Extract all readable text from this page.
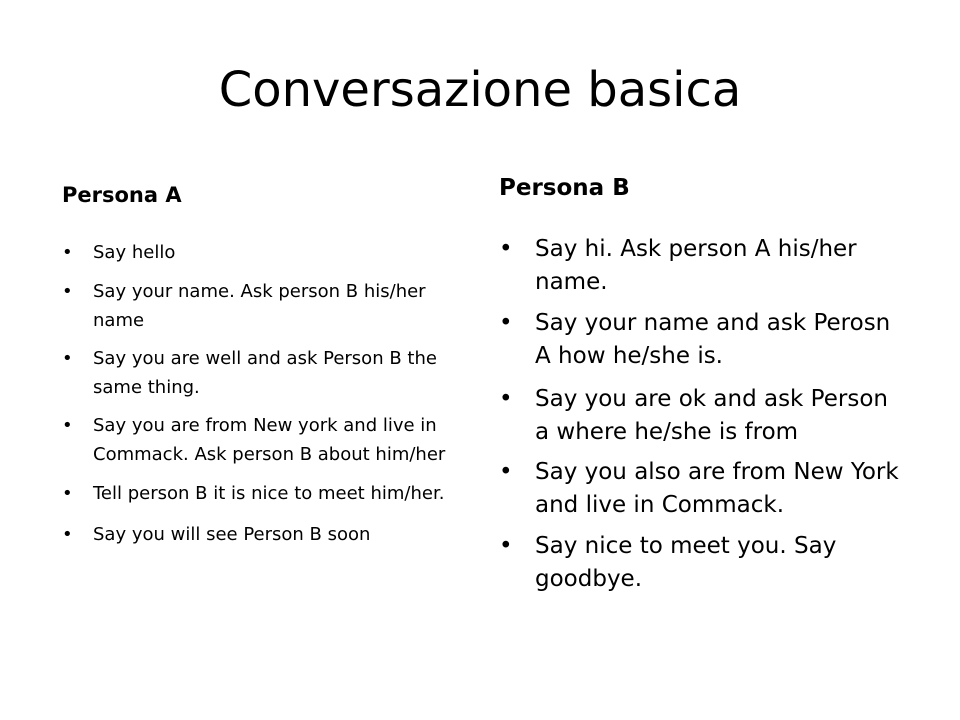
Conversazione basica
Persona A
• Say hello
• Say your name. Ask person B his/her name
• Say you are well and ask Person B the same thing.
• Say you are from New york and live in Commack. Ask person B about him/her
• Tell person B it is nice to meet him/her.
• Say you will see Person B soon
Persona B
• Say hi. Ask person A his/her name.
• Say your name and ask Perosn A how he/she is.
• Say you are ok and ask Person a where he/she is from
• Say you also are from New York and live in Commack.
• Say nice to meet you. Say goodbye.
